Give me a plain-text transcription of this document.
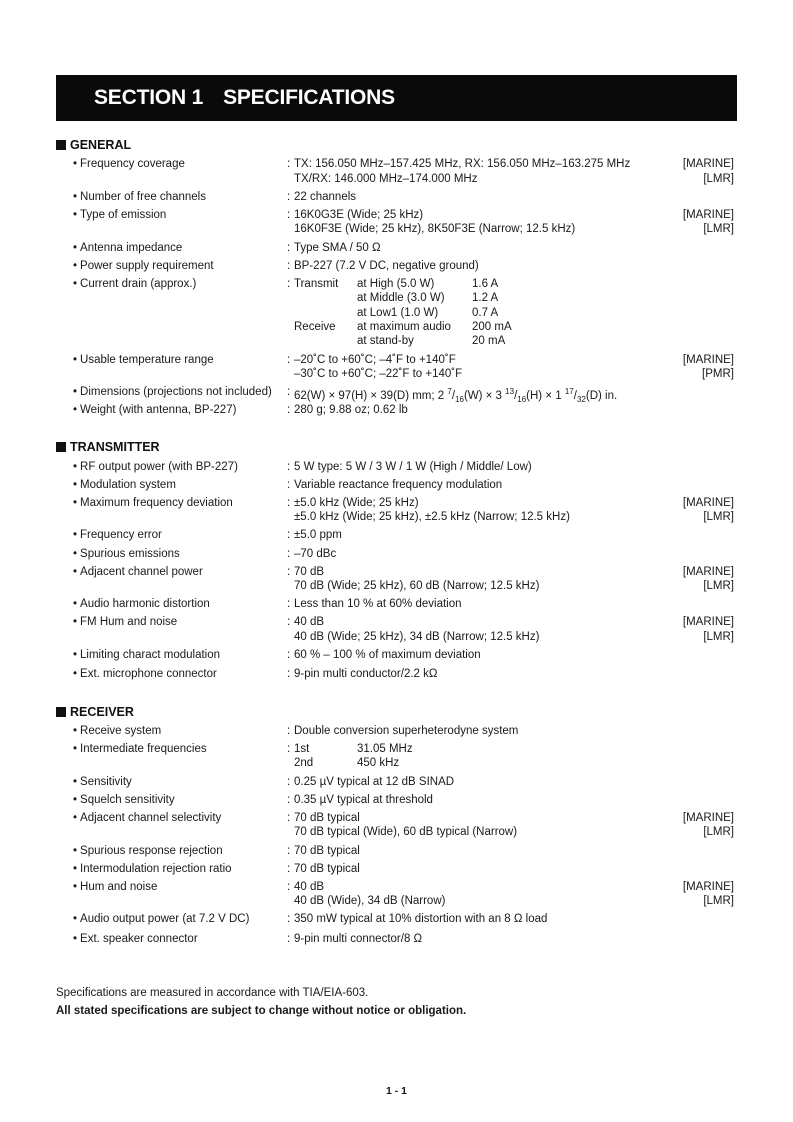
SECTION 1 SPECIFICATIONS
GENERAL
• Frequency coverage	: TX: 156.050 MHz–157.425 MHz, RX: 156.050 MHz–163.275 MHz	[MARINE]
TX/RX: 146.000 MHz–174.000 MHz	[LMR]
• Number of free channels	: 22 channels
• Type of emission	: 16K0G3E (Wide; 25 kHz)	[MARINE]
16K0F3E (Wide; 25 kHz), 8K50F3E (Narrow; 12.5 kHz)	[LMR]
• Antenna impedance	: Type SMA / 50 Ω
• Power supply requirement	: BP-227 (7.2 V DC, negative ground)
• Current drain (approx.)	: Transmit at High (5.0 W)	1.6 A
at Middle (3.0 W) 1.2 A
at Low1 (1.0 W)	0.7 A
Receive at maximum audio 200 mA
at stand-by	20 mA
• Usable temperature range	: –20˚C to +60˚C; –4˚F to +140˚F	[MARINE]
–30˚C to +60˚C; –22˚F to +140˚F	[PMR]
• Dimensions (projections not included) : 62(W) × 97(H) × 39(D) mm; 2 $^7/_{16}(W) \times 3$ $^{13}/_{16}(H) \times 1$ $^{17}/_{32}(D)$ in.
• Weight (with antenna, BP-227)	: 280 g; 9.88 oz; 0.62 lb
TRANSMITTER
• RF output power (with BP-227)	: 5 W type: 5 W / 3 W / 1 W (High / Middle/ Low)
• Modulation system	: Variable reactance frequency modulation
• Maximum frequency deviation	: ±5.0 kHz (Wide; 25 kHz)	[MARINE]
±5.0 kHz (Wide; 25 kHz), ±2.5 kHz (Narrow; 12.5 kHz)	[LMR]
• Frequency error	: ±5.0 ppm
• Spurious emissions	: –70 dBc
• Adjacent channel power	: 70 dB	[MARINE]
70 dB (Wide; 25 kHz), 60 dB (Narrow; 12.5 kHz)	[LMR]
• Audio harmonic distortion	: Less than 10 % at 60% deviation
• FM Hum and noise	: 40 dB	[MARINE]
40 dB (Wide; 25 kHz), 34 dB (Narrow; 12.5 kHz)	[LMR]
• Limiting charact modulation	: 60 % – 100 % of maximum deviation
• Ext. microphone connector	: 9-pin multi conductor/2.2 kΩ
RECEIVER
• Receive system	: Double conversion superheterodyne system
• Intermediate frequencies	: 1st	31.05 MHz
2nd	450 kHz
• Sensitivity	: 0.25 µV typical at 12 dB SINAD
• Squelch sensitivity	: 0.35 µV typical at threshold
• Adjacent channel selectivity	: 70 dB typical	[MARINE]
70 dB typical (Wide), 60 dB typical (Narrow)	[LMR]
• Spurious response rejection	: 70 dB typical
• Intermodulation rejection ratio	: 70 dB typical
• Hum and noise	: 40 dB	[MARINE]
40 dB (Wide), 34 dB (Narrow)	[LMR]
• Audio output power (at 7.2 V DC)	: 350 mW typical at 10% distortion with an 8 Ω load
• Ext. speaker connector	: 9-pin multi connector/8 Ω
Specifications are measured in accordance with TIA/EIA-603.
All stated specifications are subject to change without notice or obligation.
1 - 1
